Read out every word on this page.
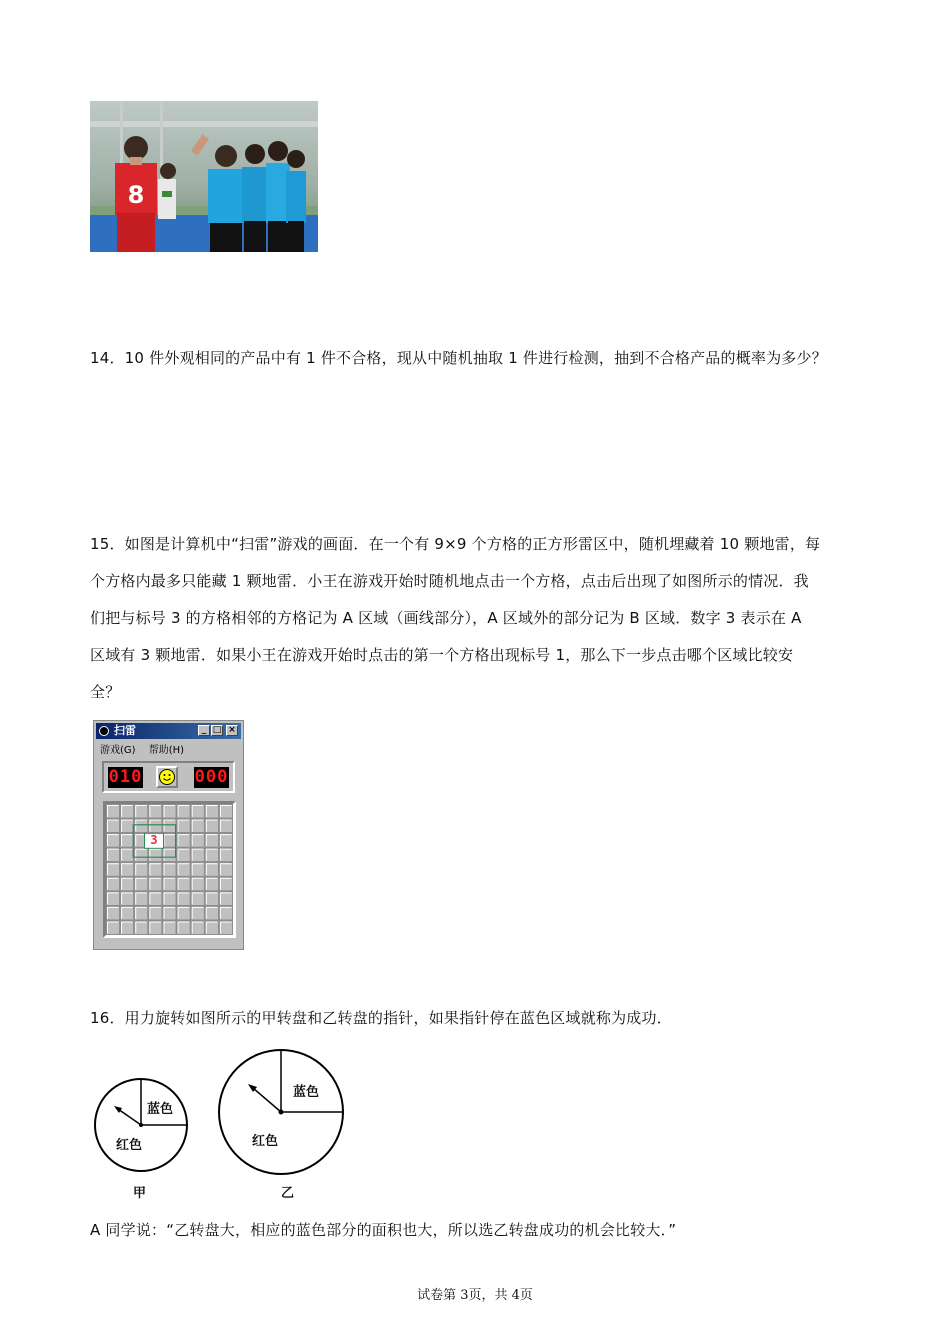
8
14．10 件外观相同的产品中有 1 件不合格，现从中随机抽取 1 件进行检测，抽到不合格产品的概率为多少？
15．如图是计算机中“扫雷”游戏的画面．在一个有 9×9 个方格的正方形雷区中，随机埋藏着 10 颗地雷，每
个方格内最多只能藏 1 颗地雷．小王在游戏开始时随机地点击一个方格，点击后出现了如图所示的情况．我
们把与标号 3 的方格相邻的方格记为 A 区域（画线部分），A 区域外的部分记为 B 区域．数字 3 表示在 A
区域有 3 颗地雷．如果小王在游戏开始时点击的第一个方格出现标号 1，那么下一步点击哪个区域比较安
全？
扫雷	_ □ ×
游戏(G) 帮助(H)
010	000
3
16．用力旋转如图所示的甲转盘和乙转盘的指针，如果指针停在蓝色区域就称为成功．
蓝色
红色
甲
蓝色
红色
乙
A 同学说：“乙转盘大，相应的蓝色部分的面积也大，所以选乙转盘成功的机会比较大．”
试卷第 3页，共 4页
